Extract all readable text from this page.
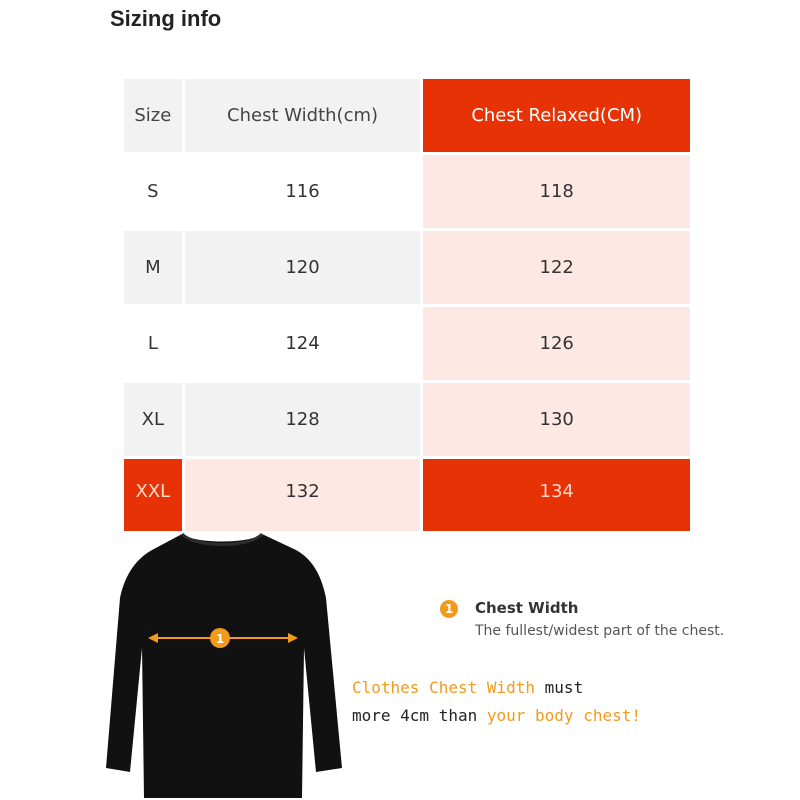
Sizing info
Size	Chest Width(cm)	Chest Relaxed(CM)
S	116	118
M	120	122
L	124	126
XL	128	130
XXL	132	134
1
1	Chest Width
The fullest/widest part of the chest.
Clothes Chest Width must
more 4cm than your body chest!
